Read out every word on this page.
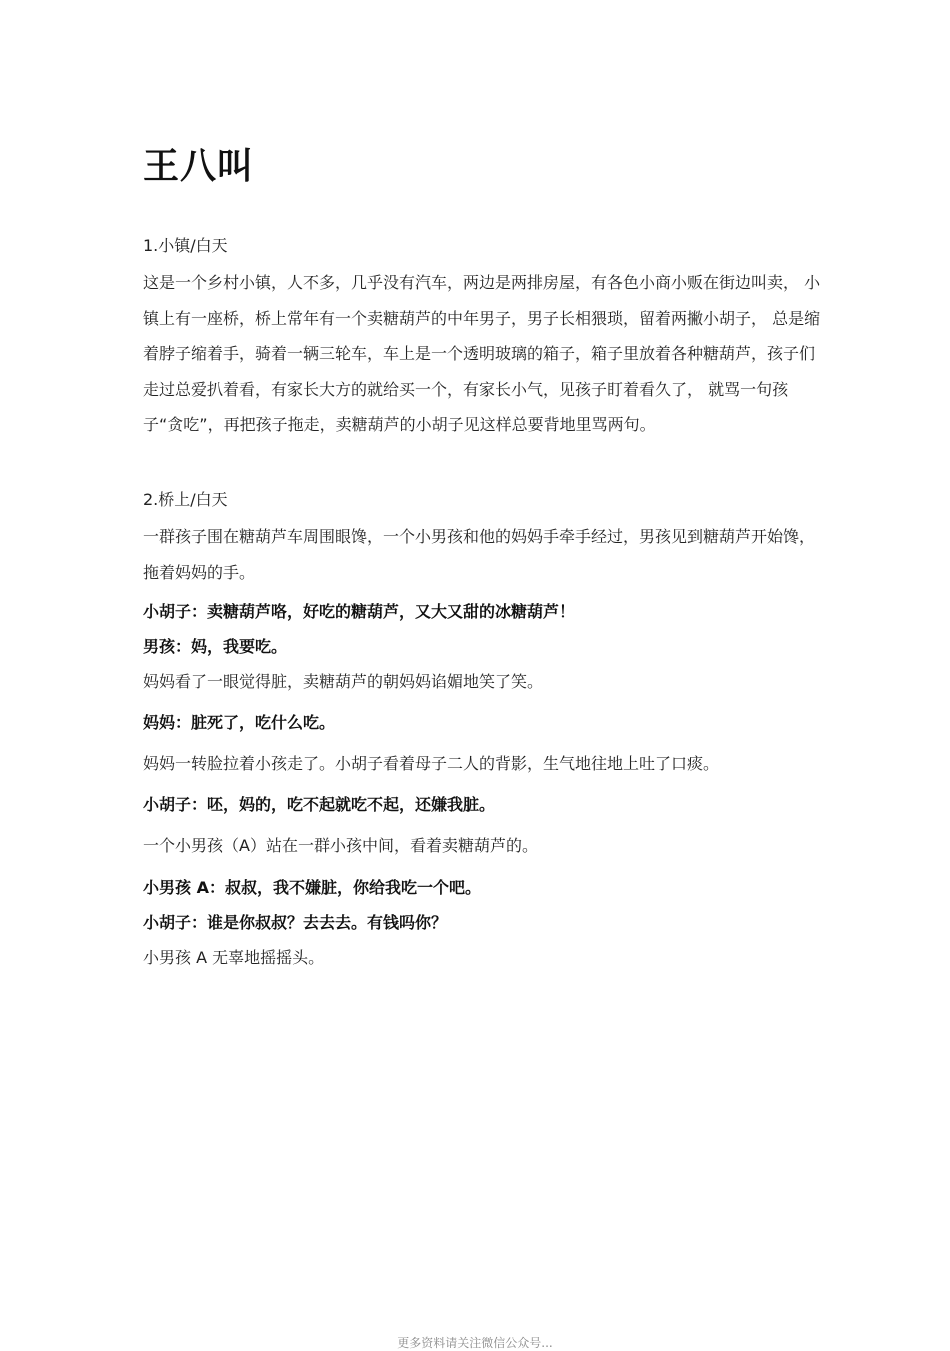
王八叫

1.小镇/白天

这是一个乡村小镇，人不多，几乎没有汽车，两边是两排房屋，有各色小商小贩在街边叫卖， 小镇上有一座桥，桥上常年有一个卖糖葫芦的中年男子，男子长相猥琐，留着两撇小胡子， 总是缩着脖子缩着手，骑着一辆三轮车，车上是一个透明玻璃的箱子，箱子里放着各种糖葫芦，孩子们走过总爱扒着看，有家长大方的就给买一个，有家长小气，见孩子盯着看久了， 就骂一句孩子“贪吃”，再把孩子拖走，卖糖葫芦的小胡子见这样总要背地里骂两句。

2.桥上/白天

一群孩子围在糖葫芦车周围眼馋，一个小男孩和他的妈妈手牵手经过，男孩见到糖葫芦开始馋，拖着妈妈的手。

小胡子：卖糖葫芦咯，好吃的糖葫芦，又大又甜的冰糖葫芦！

男孩：妈，我要吃。

妈妈看了一眼觉得脏，卖糖葫芦的朝妈妈谄媚地笑了笑。

妈妈：脏死了，吃什么吃。

妈妈一转脸拉着小孩走了。小胡子看着母子二人的背影，生气地往地上吐了口痰。

小胡子：呸，妈的，吃不起就吃不起，还嫌我脏。

一个小男孩（A）站在一群小孩中间，看着卖糖葫芦的。

小男孩 A：叔叔，我不嫌脏，你给我吃一个吧。

小胡子：谁是你叔叔？去去去。有钱吗你？

小男孩 A 无辜地摇摇头。

更多资料请关注微信公众号...
